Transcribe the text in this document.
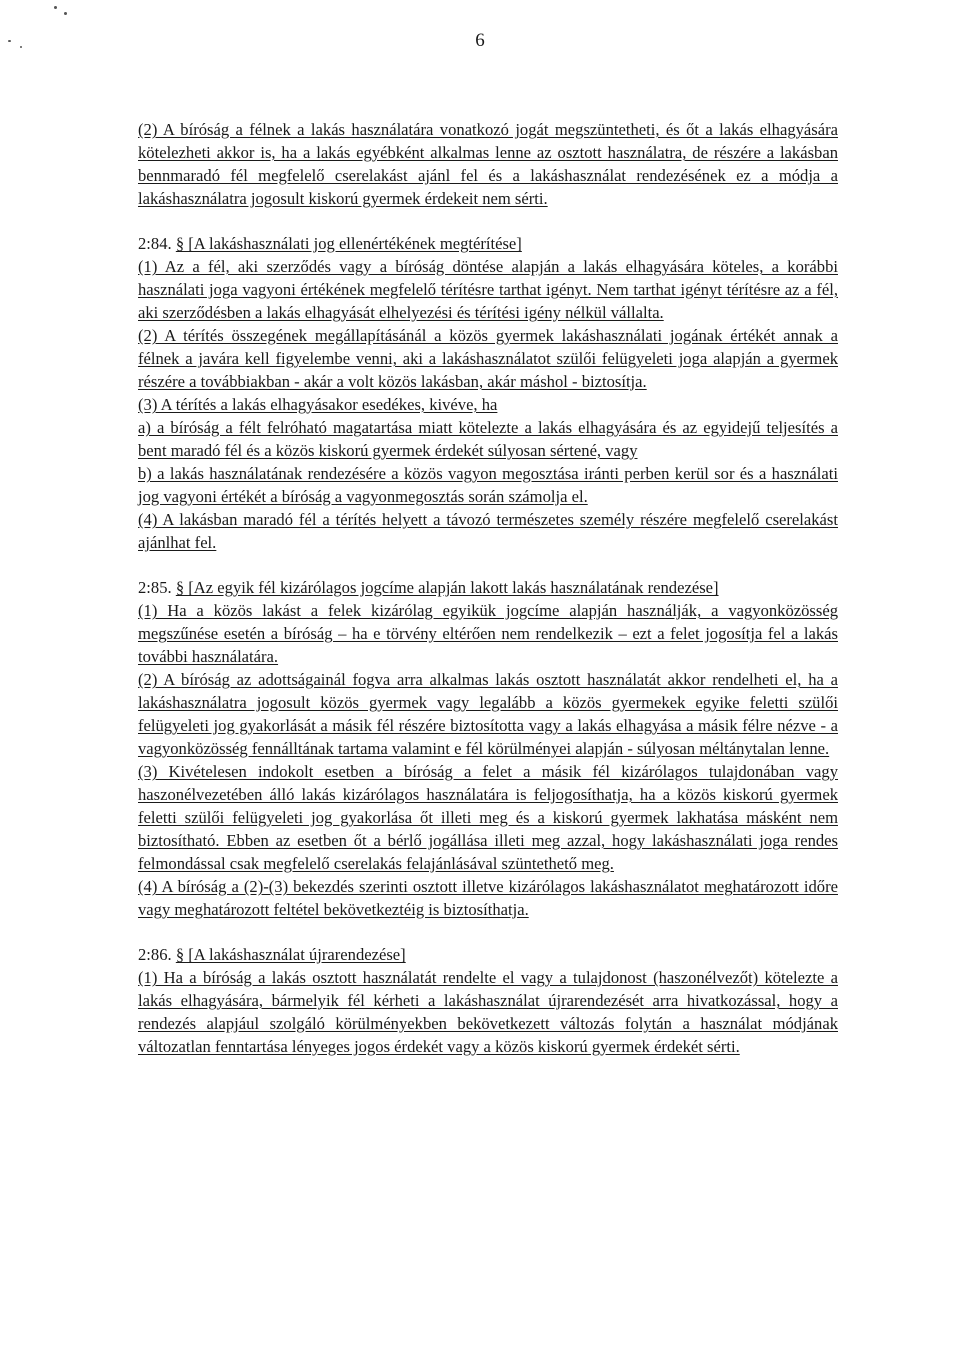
6

(2) A bíróság a félnek a lakás használatára vonatkozó jogát megszüntetheti, és őt a lakás elhagyására kötelezheti akkor is, ha a lakás egyébként alkalmas lenne az osztott használatra, de részére a lakásban bennmaradó fél megfelelő cserelakást ajánl fel és a lakáshasználat rendezésének ez a módja a lakáshasználatra jogosult kiskorú gyermek érdekeit nem sérti.

2:84. § [A lakáshasználati jog ellenértékének megtérítése]

(1) Az a fél, aki szerződés vagy a bíróság döntése alapján a lakás elhagyására köteles, a korábbi használati joga vagyoni értékének megfelelő térítésre tarthat igényt. Nem tarthat igényt térítésre az a fél, aki szerződésben a lakás elhagyását elhelyezési és térítési igény nélkül vállalta.

(2) A térítés összegének megállapításánál a közös gyermek lakáshasználati jogának értékét annak a félnek a javára kell figyelembe venni, aki a lakáshasználatot szülői felügyeleti joga alapján a gyermek részére a továbbiakban - akár a volt közös lakásban, akár máshol - biztosítja.

(3) A térítés a lakás elhagyásakor esedékes, kivéve, ha

a) a bíróság a félt felróható magatartása miatt kötelezte a lakás elhagyására és az egyidejű teljesítés a bent maradó fél és a közös kiskorú gyermek érdekét súlyosan sértené, vagy

b) a lakás használatának rendezésére a közös vagyon megosztása iránti perben kerül sor és a használati jog vagyoni értékét a bíróság a vagyonmegosztás során számolja el.

(4) A lakásban maradó fél a térítés helyett a távozó természetes személy részére megfelelő cserelakást ajánlhat fel.

2:85. § [Az egyik fél kizárólagos jogcíme alapján lakott lakás használatának rendezése]

(1) Ha a közös lakást a felek kizárólag egyikük jogcíme alapján használják, a vagyonközösség megszűnése esetén a bíróság – ha e törvény eltérően nem rendelkezik – ezt a felet jogosítja fel a lakás további használatára.

(2) A bíróság az adottságainál fogva arra alkalmas lakás osztott használatát akkor rendelheti el, ha a lakáshasználatra jogosult közös gyermek vagy legalább a közös gyermekek egyike feletti szülői felügyeleti jog gyakorlását a másik fél részére biztosította vagy a lakás elhagyása a másik félre nézve - a vagyonközösség fennálltának tartama valamint e fél körülményei alapján - súlyosan méltánytalan lenne.

(3) Kivételesen indokolt esetben a bíróság a felet a másik fél kizárólagos tulajdonában vagy haszonélvezetében álló lakás kizárólagos használatára is feljogosíthatja, ha a közös kiskorú gyermek feletti szülői felügyeleti jog gyakorlása őt illeti meg és a kiskorú gyermek lakhatása másként nem biztosítható. Ebben az esetben őt a bérlő jogállása illeti meg azzal, hogy lakáshasználati joga rendes felmondással csak megfelelő cserelakás felajánlásával szüntethető meg.

(4) A bíróság a (2)-(3) bekezdés szerinti osztott illetve kizárólagos lakáshasználatot meghatározott időre vagy meghatározott feltétel bekövetkeztéig is biztosíthatja.

2:86. § [A lakáshasználat újrarendezése]

(1) Ha a bíróság a lakás osztott használatát rendelte el vagy a tulajdonost (haszonélvezőt) kötelezte a lakás elhagyására, bármelyik fél kérheti a lakáshasználat újrarendezését arra hivatkozással, hogy a rendezés alapjául szolgáló körülményekben bekövetkezett változás folytán a használat módjának változatlan fenntartása lényeges jogos érdekét vagy a közös kiskorú gyermek érdekét sérti.
